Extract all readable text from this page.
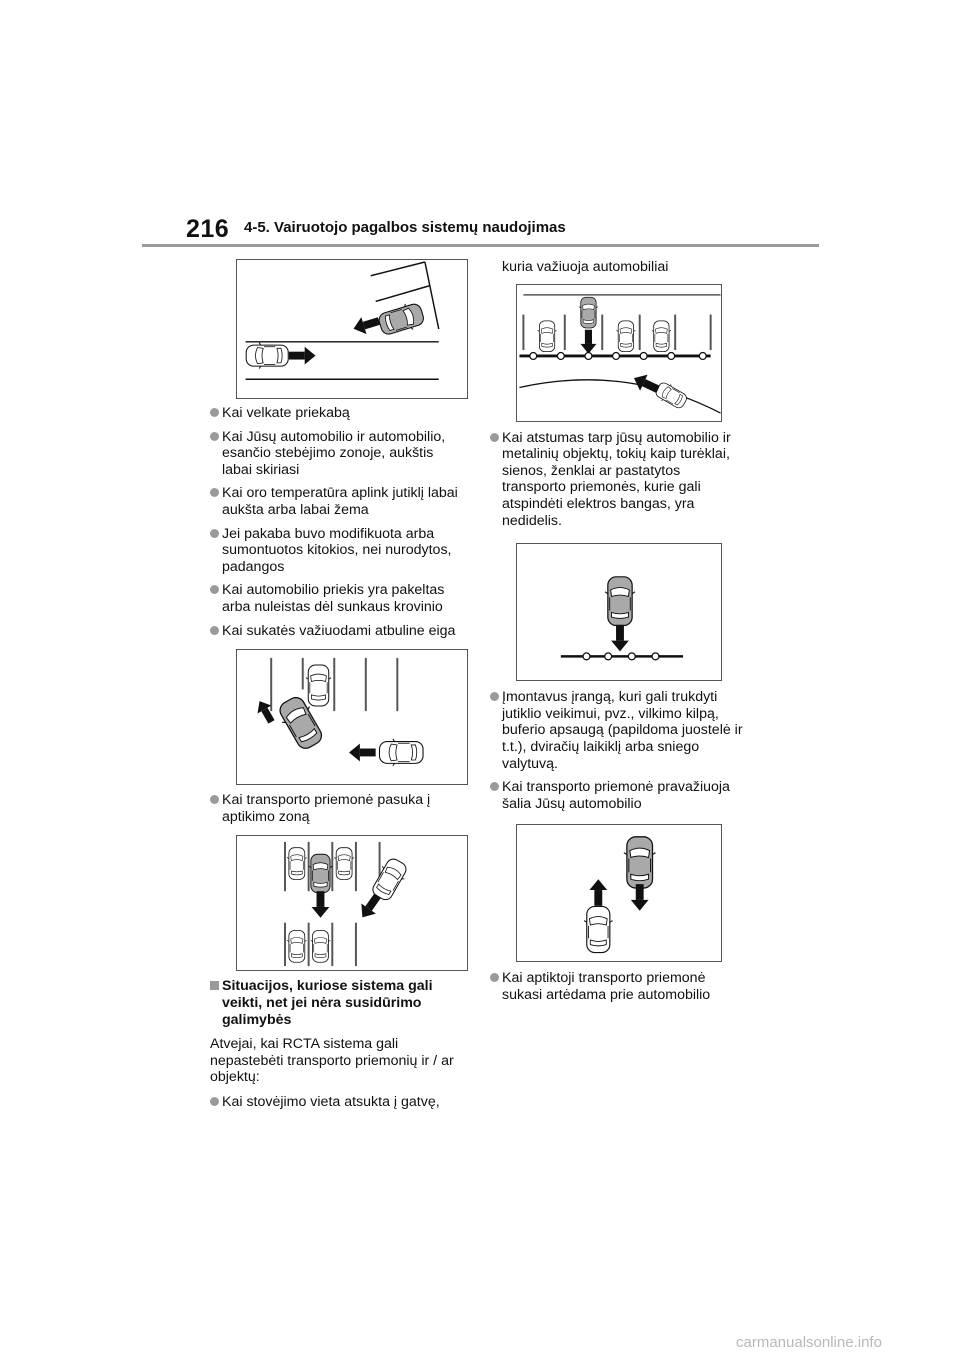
216 4-5. Vairuotojo pagalbos sistemų naudojimas
Kai velkate priekabą
Kai Jūsų automobilio ir automobilio, esančio stebėjimo zonoje, aukštis labai skiriasi
Kai oro temperatūra aplink jutiklį labai aukšta arba labai žema
Jei pakaba buvo modifikuota arba sumontuotos kitokios, nei nurodytos, padangos
Kai automobilio priekis yra pakeltas arba nuleistas dėl sunkaus krovinio
Kai sukatės važiuodami atbuline eiga
Kai transporto priemonė pasuka į aptikimo zoną
Situacijos, kuriose sistema gali veikti, net jei nėra susidūrimo galimybės
Atvejai, kai RCTA sistema gali nepastebėti transporto priemonių ir / ar objektų:
Kai stovėjimo vieta atsukta į gatvę,
kuria važiuoja automobiliai
Kai atstumas tarp jūsų automobilio ir metalinių objektų, tokių kaip turėklai, sienos, ženklai ar pastatytos transporto priemonės, kurie gali atspindėti elektros bangas, yra nedidelis.
Įmontavus įrangą, kuri gali trukdyti jutiklio veikimui, pvz., vilkimo kilpą, buferio apsaugą (papildoma juostelė ir t.t.), dviračių laikiklį arba sniego valytuvą.
Kai transporto priemonė pravažiuoja šalia Jūsų automobilio
Kai aptiktoji transporto priemonė sukasi artėdama prie automobilio
carmanualsonline.info
